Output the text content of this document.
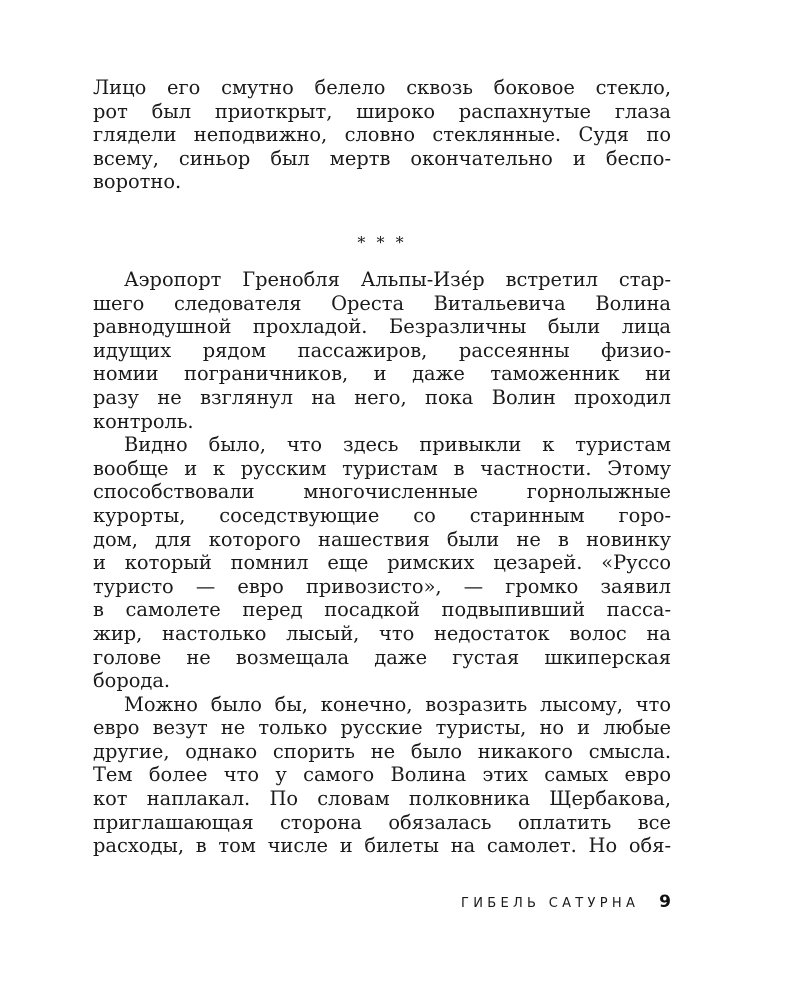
Лицо его смутно белело сквозь боковое стекло,
рот был приоткрыт, широко распахнутые глаза
глядели неподвижно, словно стеклянные. Судя по
всему, синьор был мертв окончательно и беспо-
воротно.
* * *
Аэропорт Гренобля Альпы-Изе́р встретил стар-
шего следователя Ореста Витальевича Волина
равнодушной прохладой. Безразличны были лица
идущих рядом пассажиров, рассеянны физио-
номии пограничников, и даже таможенник ни
разу не взглянул на него, пока Волин проходил
контроль.
Видно было, что здесь привыкли к туристам
вообще и к русским туристам в частности. Этому
способствовали многочисленные горнолыжные
курорты, соседствующие со старинным горо-
дом, для которого нашествия были не в новинку
и который помнил еще римских цезарей. «Руссо
туристо — евро привозисто», — громко заявил
в самолете перед посадкой подвыпивший пасса-
жир, настолько лысый, что недостаток волос на
голове не возмещала даже густая шкиперская
борода.
Можно было бы, конечно, возразить лысому, что
евро везут не только русские туристы, но и любые
другие, однако спорить не было никакого смысла.
Тем более что у самого Волина этих самых евро
кот наплакал. По словам полковника Щербакова,
приглашающая сторона обязалась оплатить все
расходы, в том числе и билеты на самолет. Но обя-
ГИБЕЛЬ САТУРНА 9
